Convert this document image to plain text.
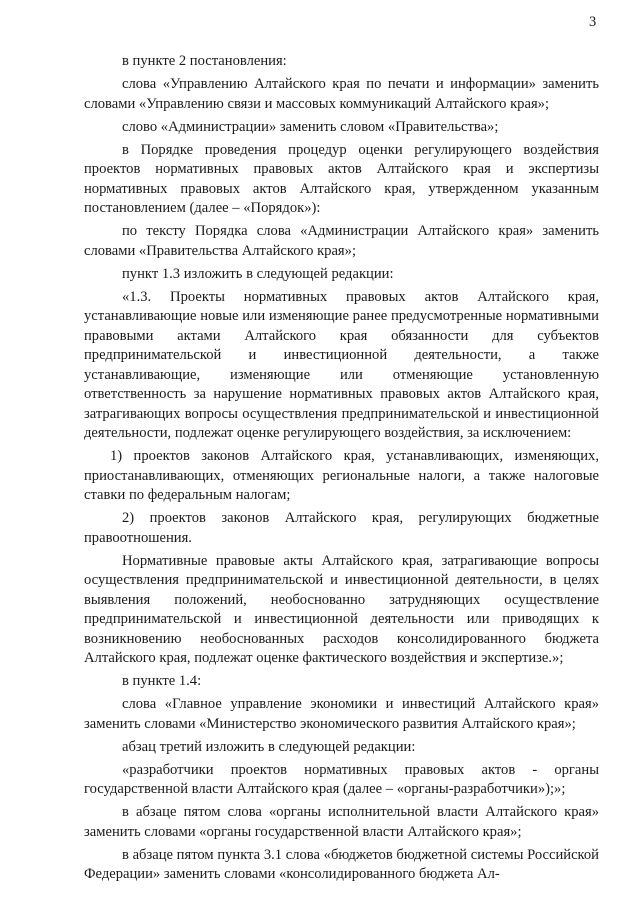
3

в пункте 2 постановления:

слова «Управлению Алтайского края по печати и информации» заменить словами «Управлению связи и массовых коммуникаций Алтайского края»;

слово «Администрации» заменить словом «Правительства»;

в Порядке проведения процедур оценки регулирующего воздействия проектов нормативных правовых актов Алтайского края и экспертизы нормативных правовых актов Алтайского края, утвержденном указанным постановлением (далее – «Порядок»):

по тексту Порядка слова «Администрации Алтайского края» заменить словами «Правительства Алтайского края»;

пункт 1.3 изложить в следующей редакции:

«1.3. Проекты нормативных правовых актов Алтайского края, устанавливающие новые или изменяющие ранее предусмотренные нормативными правовыми актами Алтайского края обязанности для субъектов предпринимательской и инвестиционной деятельности, а также устанавливающие, изменяющие или отменяющие установленную ответственность за нарушение нормативных правовых актов Алтайского края, затрагивающих вопросы осуществления предпринимательской и инвестиционной деятельности, подлежат оценке регулирующего воздействия, за исключением:

1) проектов законов Алтайского края, устанавливающих, изменяющих, приостанавливающих, отменяющих региональные налоги, а также налоговые ставки по федеральным налогам;

2) проектов законов Алтайского края, регулирующих бюджетные правоотношения.

Нормативные правовые акты Алтайского края, затрагивающие вопросы осуществления предпринимательской и инвестиционной деятельности, в целях выявления положений, необоснованно затрудняющих осуществление предпринимательской и инвестиционной деятельности или приводящих к возникновению необоснованных расходов консолидированного бюджета Алтайского края, подлежат оценке фактического воздействия и экспертизе.»;

в пункте 1.4:

слова «Главное управление экономики и инвестиций Алтайского края» заменить словами «Министерство экономического развития Алтайского края»;

абзац третий изложить в следующей редакции:

«разработчики проектов нормативных правовых актов - органы государственной власти Алтайского края (далее – «органы-разработчики»);»;

в абзаце пятом слова «органы исполнительной власти Алтайского края» заменить словами «органы государственной власти Алтайского края»;

в абзаце пятом пункта 3.1 слова «бюджетов бюджетной системы Российской Федерации» заменить словами «консолидированного бюджета Ал-
